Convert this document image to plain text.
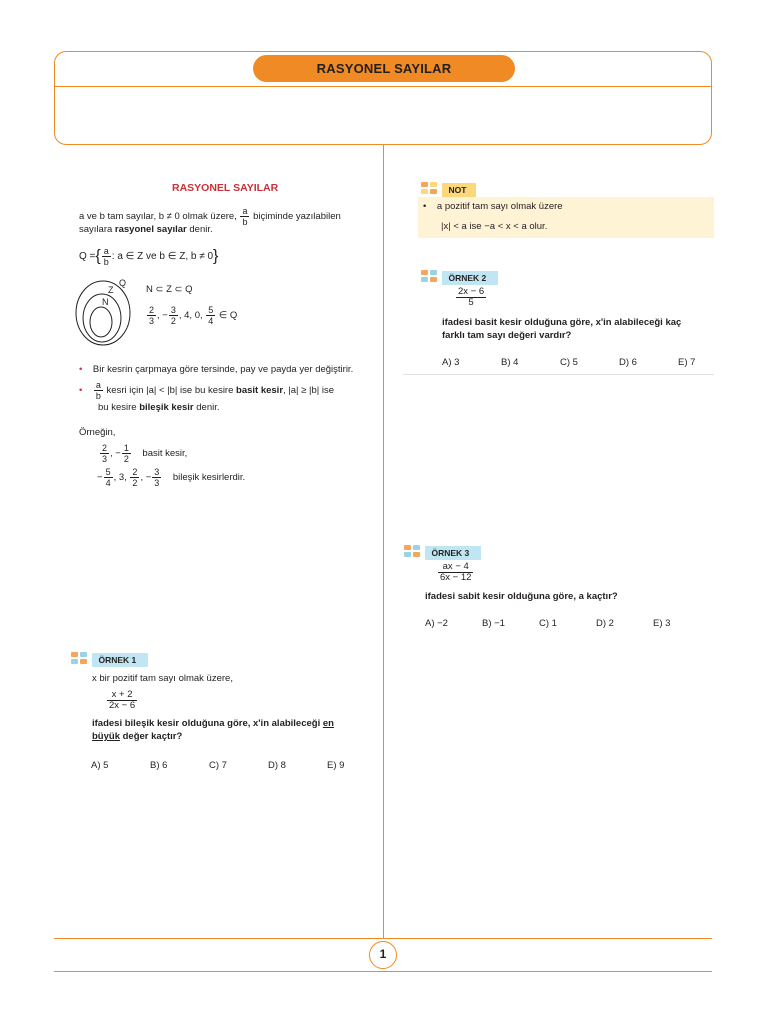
RASYONEL SAYILAR
RASYONEL SAYILAR
a ve b tam sayılar, b ≠ 0 olmak üzere, $\frac{a}{b}$ biçiminde yazılabilen
sayılara rasyonel sayılar denir.
Q ={ $\frac{a}{b}$ : a ∈ Z ve b ∈ Z, b ≠ 0}
Q
Z
N
N ⊂ Z ⊂ Q
$\frac{2}{3}$ , − $\frac{3}{2}$ , 4, 0, $\frac{5}{4}$ ∈ Q
• Bir kesrin çarpmaya göre tersinde, pay ve payda yer değiştirir.
• $\frac{a}{b}$ kesri için |a| < |b| ise bu kesire basit kesir, |a| ≥ |b| ise
bu kesire bileşik kesir denir.
Örneğin,
$\frac{2}{3}$ , − $\frac{1}{2}$ basit kesir,
− $\frac{5}{4}$ , 3, $\frac{2}{2}$ , − $\frac{3}{3}$ bileşik kesirlerdir.
ÖRNEK 1
x bir pozitif tam sayı olmak üzere,
$\frac{x + 2}{2x - 6}$
ifadesi bileşik kesir olduğuna göre, x'in alabileceği en
büyük değer kaçtır?
A) 5	B) 6	C) 7	D) 8	E) 9
NOT
•    a pozitif tam sayı olmak üzere
|x| < a ise −a < x < a olur.
ÖRNEK 2
$\frac{2x - 6}{5}$
ifadesi basit kesir olduğuna göre, x'in alabileceği kaç
farklı tam sayı değeri vardır?
A) 3	B) 4	C) 5	D) 6	E) 7
ÖRNEK 3
$\frac{ax - 4}{6x - 12}$
ifadesi sabit kesir olduğuna göre, a kaçtır?
A) −2	B) −1	C) 1	D) 2	E) 3
1
